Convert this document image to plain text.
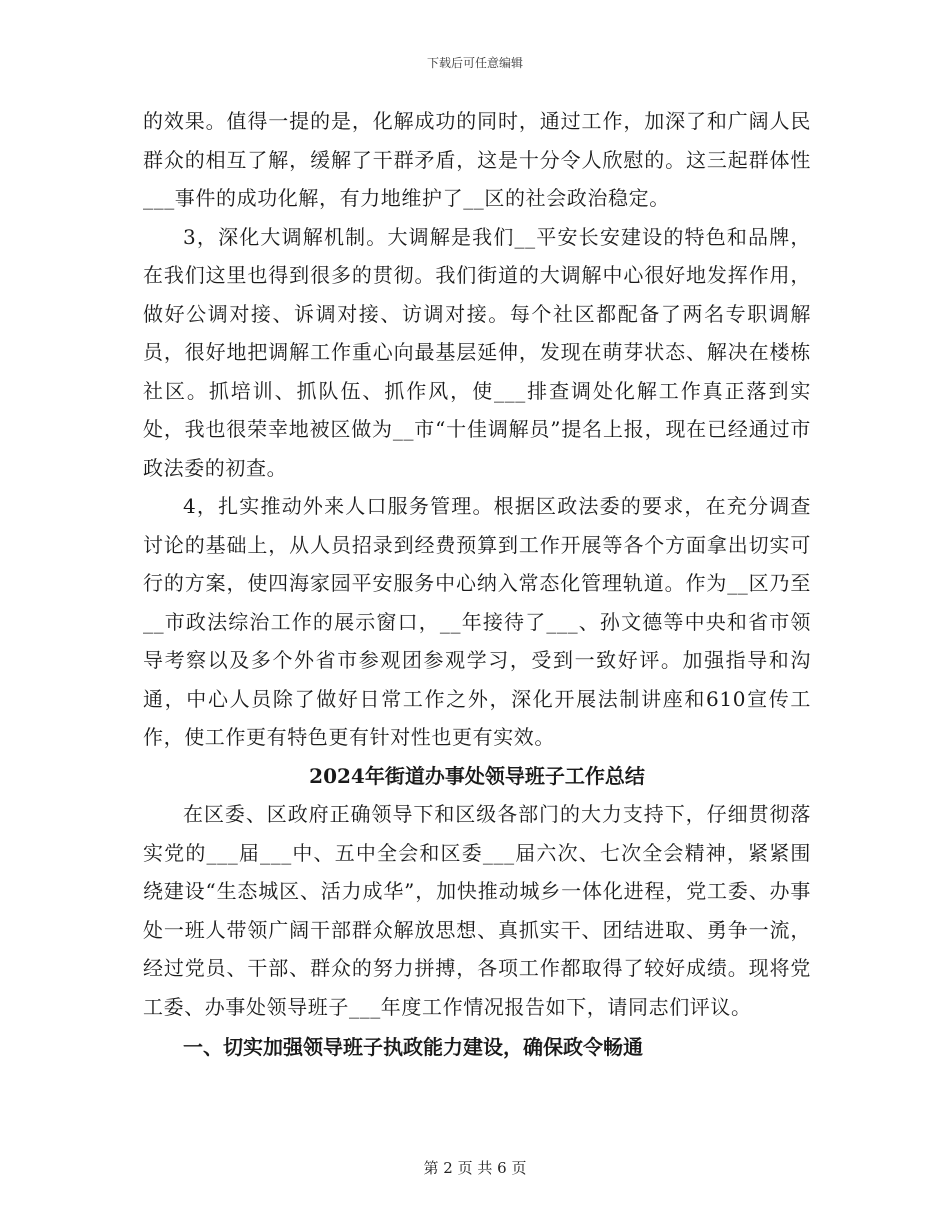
下载后可任意编辑

的效果。值得一提的是，化解成功的同时，通过工作，加深了和广阔人民群众的相互了解，缓解了干群矛盾，这是十分令人欣慰的。这三起群体性___事件的成功化解，有力地维护了__区的社会政治稳定。

3，深化大调解机制。大调解是我们__平安长安建设的特色和品牌，在我们这里也得到很多的贯彻。我们街道的大调解中心很好地发挥作用，做好公调对接、诉调对接、访调对接。每个社区都配备了两名专职调解员，很好地把调解工作重心向最基层延伸，发现在萌芽状态、解决在楼栋社区。抓培训、抓队伍、抓作风，使___排查调处化解工作真正落到实处，我也很荣幸地被区做为__市“十佳调解员”提名上报，现在已经通过市政法委的初查。

4，扎实推动外来人口服务管理。根据区政法委的要求，在充分调查讨论的基础上，从人员招录到经费预算到工作开展等各个方面拿出切实可行的方案，使四海家园平安服务中心纳入常态化管理轨道。作为__区乃至__市政法综治工作的展示窗口，__年接待了___、孙文德等中央和省市领导考察以及多个外省市参观团参观学习，受到一致好评。加强指导和沟通，中心人员除了做好日常工作之外，深化开展法制讲座和610宣传工作，使工作更有特色更有针对性也更有实效。

2024年街道办事处领导班子工作总结

在区委、区政府正确领导下和区级各部门的大力支持下，仔细贯彻落实党的___届___中、五中全会和区委___届六次、七次全会精神，紧紧围绕建设“生态城区、活力成华”，加快推动城乡一体化进程，党工委、办事处一班人带领广阔干部群众解放思想、真抓实干、团结进取、勇争一流，经过党员、干部、群众的努力拼搏，各项工作都取得了较好成绩。现将党工委、办事处领导班子___年度工作情况报告如下，请同志们评议。

一、切实加强领导班子执政能力建设，确保政令畅通

第 2 页 共 6 页
